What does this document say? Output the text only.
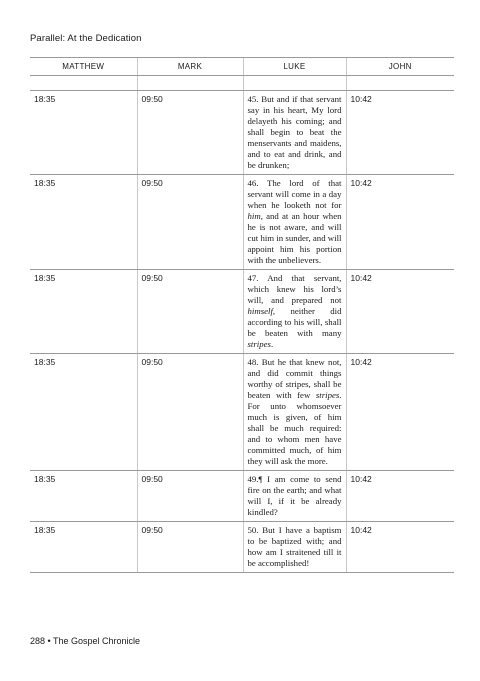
Parallel: At the Dedication
MATTHEW	MARK	LUKE	JOHN

18:35	09:50	45. But and if that servant say in his heart, My lord delayeth his coming; and shall begin to beat the menservants and maidens, and to eat and drink, and be drunken;	10:42
18:35	09:50	46. The lord of that servant will come in a day when he looketh not for him, and at an hour when he is not aware, and will cut him in sunder, and will appoint him his portion with the unbelievers.	10:42
18:35	09:50	47. And that servant, which knew his lord’s will, and prepared not himself, neither did according to his will, shall be beaten with many stripes.	10:42
18:35	09:50	48. But he that knew not, and did commit things worthy of stripes, shall be beaten with few stripes. For unto whomsoever much is given, of him shall be much required: and to whom men have committed much, of him they will ask the more.	10:42
18:35	09:50	49.¶ I am come to send fire on the earth; and what will I, if it be already kindled?	10:42
18:35	09:50	50. But I have a baptism to be baptized with; and how am I straitened till it be accomplished!	10:42
288 • The Gospel Chronicle
